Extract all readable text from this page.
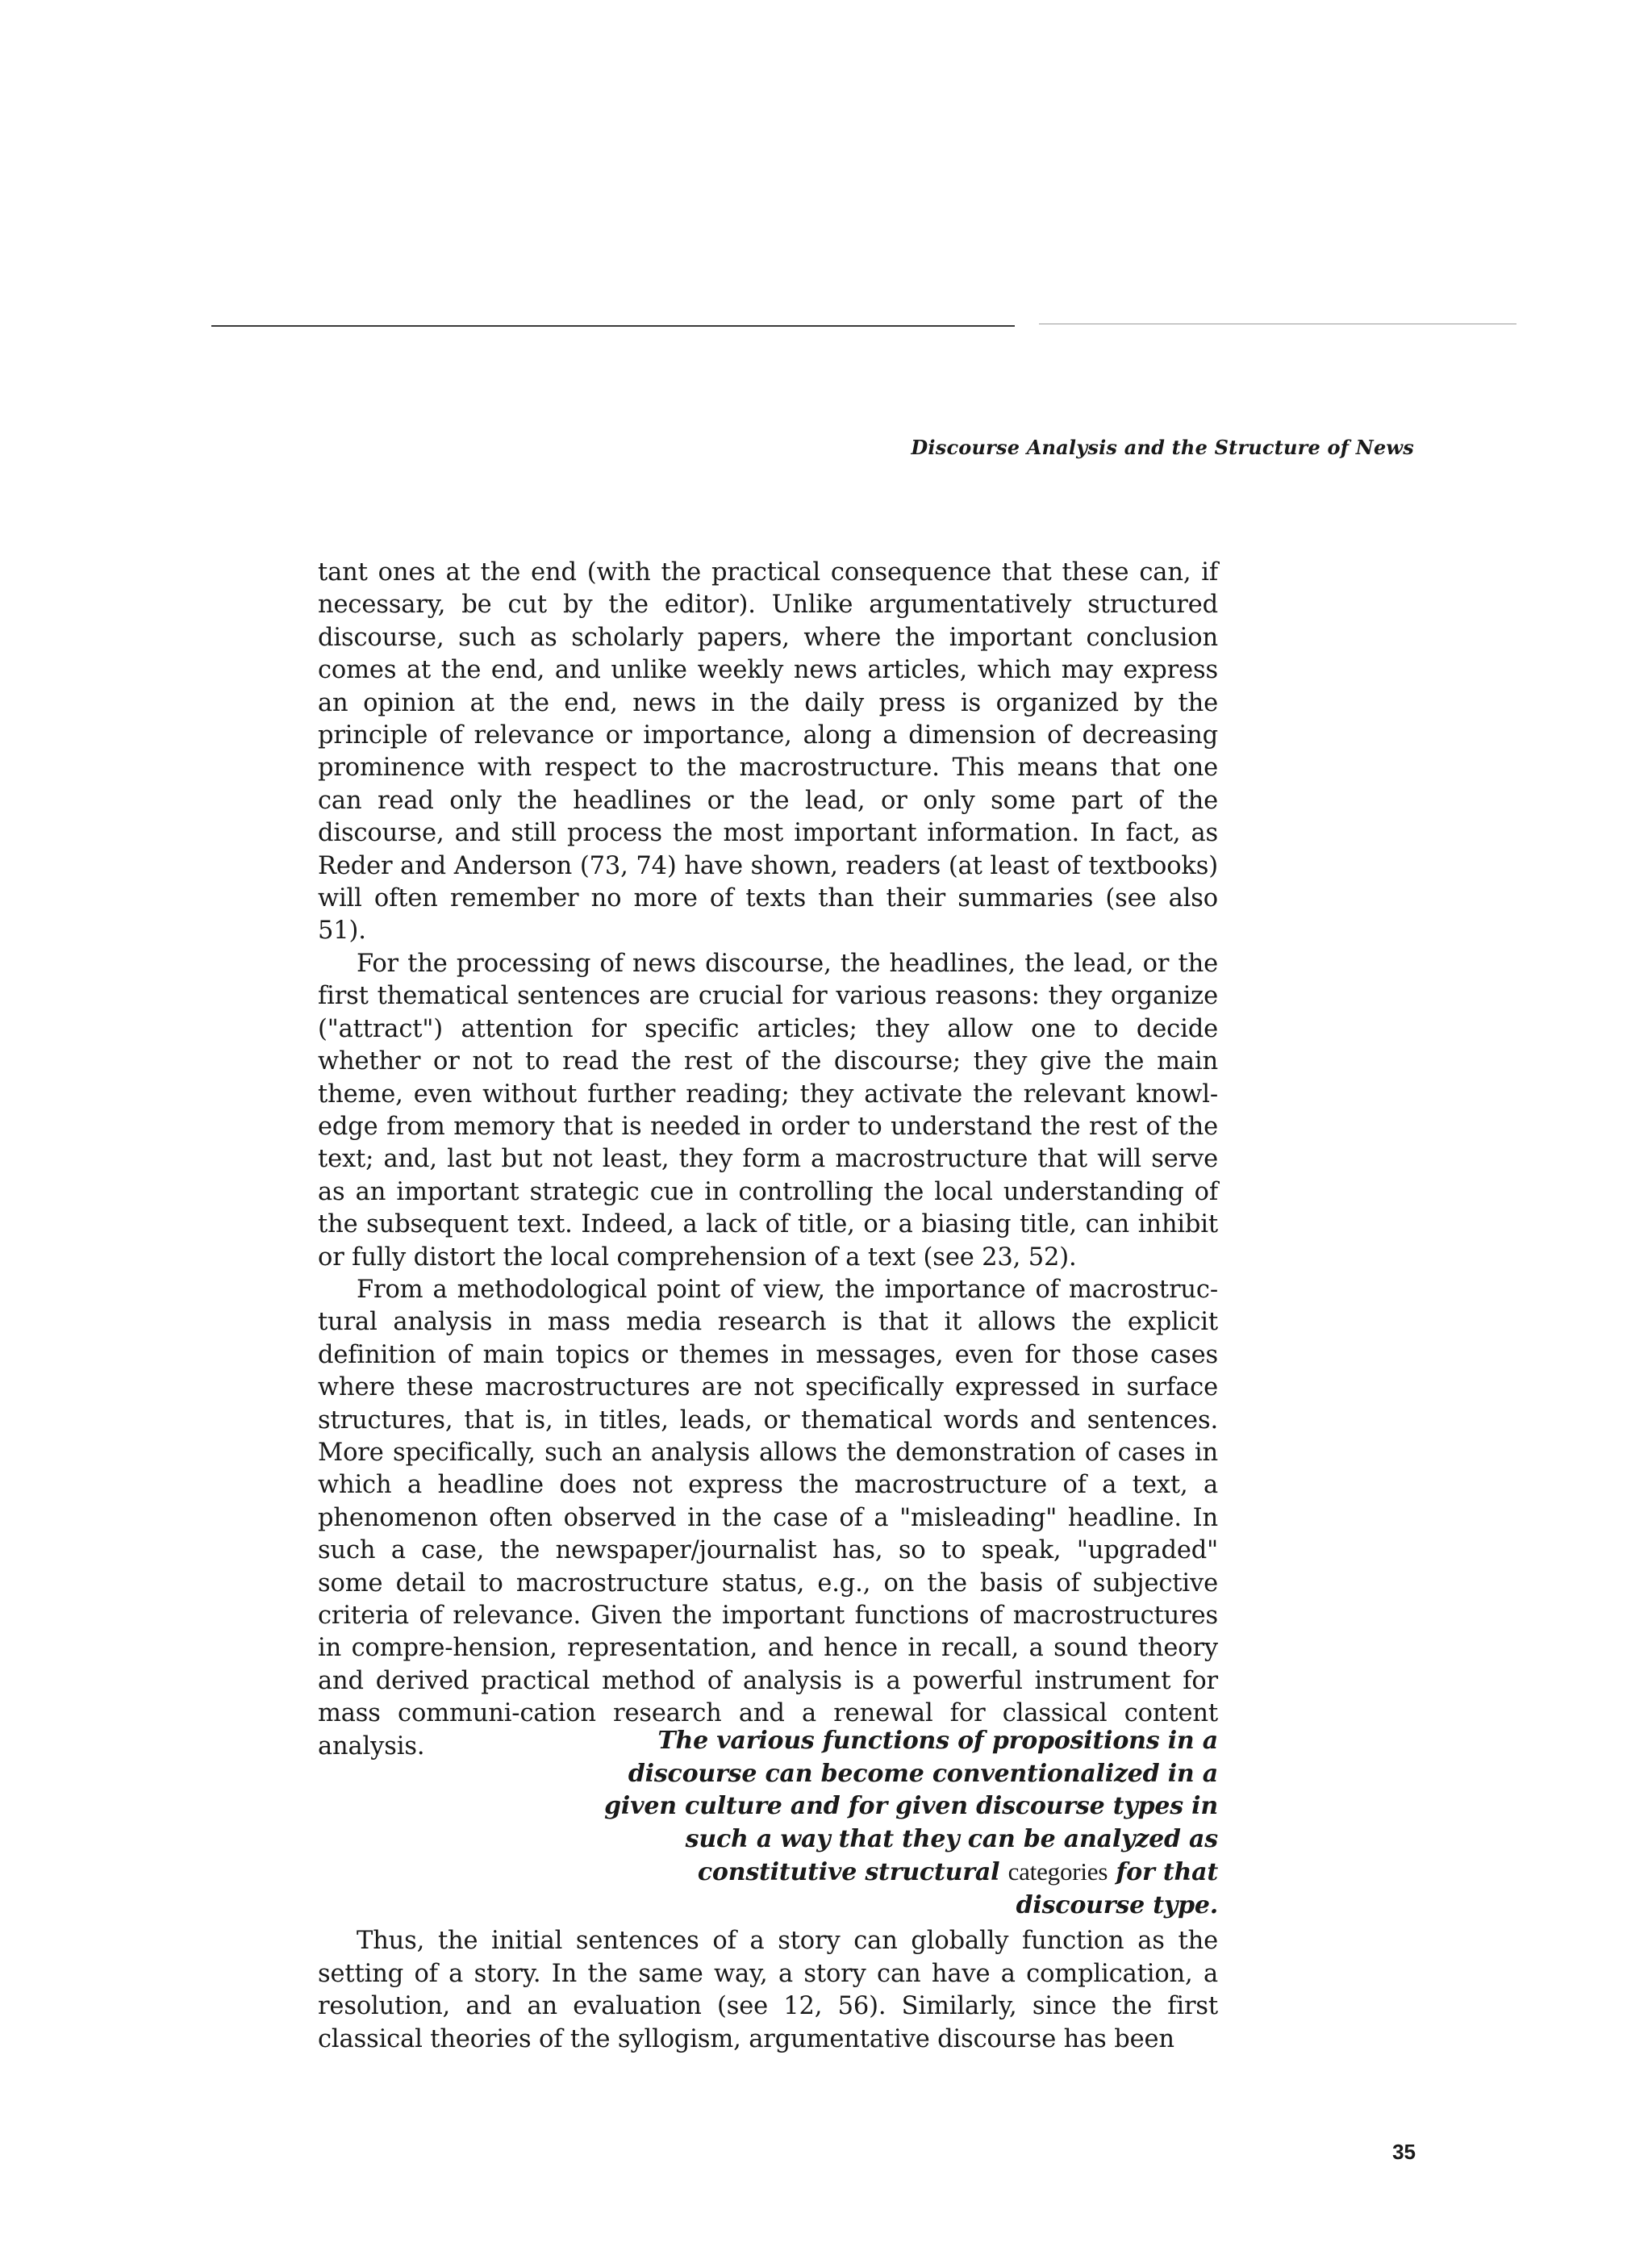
Discourse Analysis and the Structure of News

tant ones at the end (with the practical consequence that these can, if necessary, be cut by the editor). Unlike argumentatively structured discourse, such as scholarly papers, where the important conclusion comes at the end, and unlike weekly news articles, which may express an opinion at the end, news in the daily press is organized by the principle of relevance or importance, along a dimension of decreasing prominence with respect to the macrostructure. This means that one can read only the headlines or the lead, or only some part of the discourse, and still process the most important information. In fact, as Reder and Anderson (73, 74) have shown, readers (at least of textbooks) will often remember no more of texts than their summaries (see also 51).

For the processing of news discourse, the headlines, the lead, or the first thematical sentences are crucial for various reasons: they organize ("attract") attention for specific articles; they allow one to decide whether or not to read the rest of the discourse; they give the main theme, even without further reading; they activate the relevant knowl-edge from memory that is needed in order to understand the rest of the text; and, last but not least, they form a macrostructure that will serve as an important strategic cue in controlling the local understanding of the subsequent text. Indeed, a lack of title, or a biasing title, can inhibit or fully distort the local comprehension of a text (see 23, 52).

From a methodological point of view, the importance of macrostruc-tural analysis in mass media research is that it allows the explicit definition of main topics or themes in messages, even for those cases where these macrostructures are not specifically expressed in surface structures, that is, in titles, leads, or thematical words and sentences. More specifically, such an analysis allows the demonstration of cases in which a headline does not express the macrostructure of a text, a phenomenon often observed in the case of a "misleading" headline. In such a case, the newspaper/journalist has, so to speak, "upgraded" some detail to macrostructure status, e.g., on the basis of subjective criteria of relevance. Given the important functions of macrostructures in compre-hension, representation, and hence in recall, a sound theory and derived practical method of analysis is a powerful instrument for mass communi-cation research and a renewal for classical content analysis.	The various functions of propositions in a discourse can become conventionalized in a given culture and for given discourse types in such a way that they can be analyzed as constitutive structural categories for that discourse type.

Thus, the initial sentences of a story can globally function as the setting of a story. In the same way, a story can have a complication, a resolution, and an evaluation (see 12, 56). Similarly, since the first classical theories of the syllogism, argumentative discourse has been

35
